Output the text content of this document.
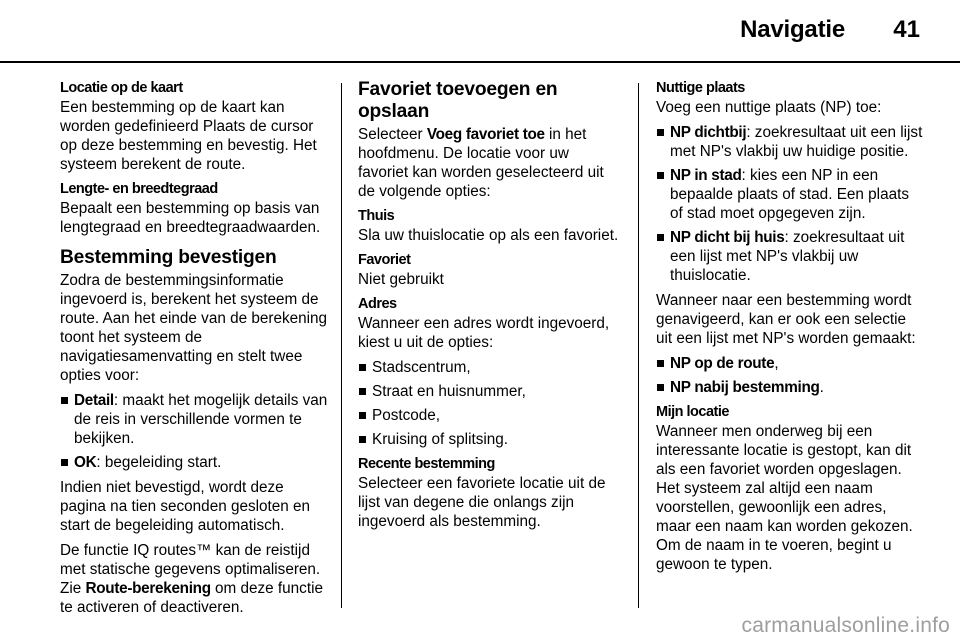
Navigatie 41
Locatie op de kaart
Een bestemming op de kaart kan worden gedefinieerd Plaats de cursor op deze bestemming en bevestig. Het systeem berekent de route.
Lengte- en breedtegraad
Bepaalt een bestemming op basis van lengtegraad en breedtegraadwaarden.
Bestemming bevestigen

Zodra de bestemmingsinformatie ingevoerd is, berekent het systeem de route. Aan het einde van de berekening toont het systeem de navigatiesamenvatting en stelt twee opties voor:

Detail: maakt het mogelijk details van de reis in verschillende vormen te bekijken.
OK: begeleiding start.

Indien niet bevestigd, wordt deze pagina na tien seconden gesloten en start de begeleiding automatisch.

De functie IQ routes™ kan de reistijd met statische gegevens optimaliseren. Zie Route-berekening om deze functie te activeren of deactiveren.

Favoriet toevoegen en opslaan

Selecteer Voeg favoriet toe in het hoofdmenu. De locatie voor uw favoriet kan worden geselecteerd uit de volgende opties:

Thuis
Sla uw thuislocatie op als een favoriet.
Favoriet
Niet gebruikt
Adres

Wanneer een adres wordt ingevoerd, kiest u uit de opties:

Stadscentrum,
Straat en huisnummer,
Postcode,
Kruising of splitsing.
Recente bestemming
Selecteer een favoriete locatie uit de lijst van degene die onlangs zijn ingevoerd als bestemming.
Nuttige plaats

Voeg een nuttige plaats (NP) toe:

NP dichtbij: zoekresultaat uit een lijst met NP's vlakbij uw huidige positie.
NP in stad: kies een NP in een bepaalde plaats of stad. Een plaats of stad moet opgegeven zijn.
NP dicht bij huis: zoekresultaat uit een lijst met NP's vlakbij uw thuislocatie.

Wanneer naar een bestemming wordt genavigeerd, kan er ook een selectie uit een lijst met NP's worden gemaakt:

NP op de route,
NP nabij bestemming.
Mijn locatie
Wanneer men onderweg bij een interessante locatie is gestopt, kan dit als een favoriet worden opgeslagen. Het systeem zal altijd een naam voorstellen, gewoonlijk een adres, maar een naam kan worden gekozen. Om de naam in te voeren, begint u gewoon te typen.
carmanualsonline.info
